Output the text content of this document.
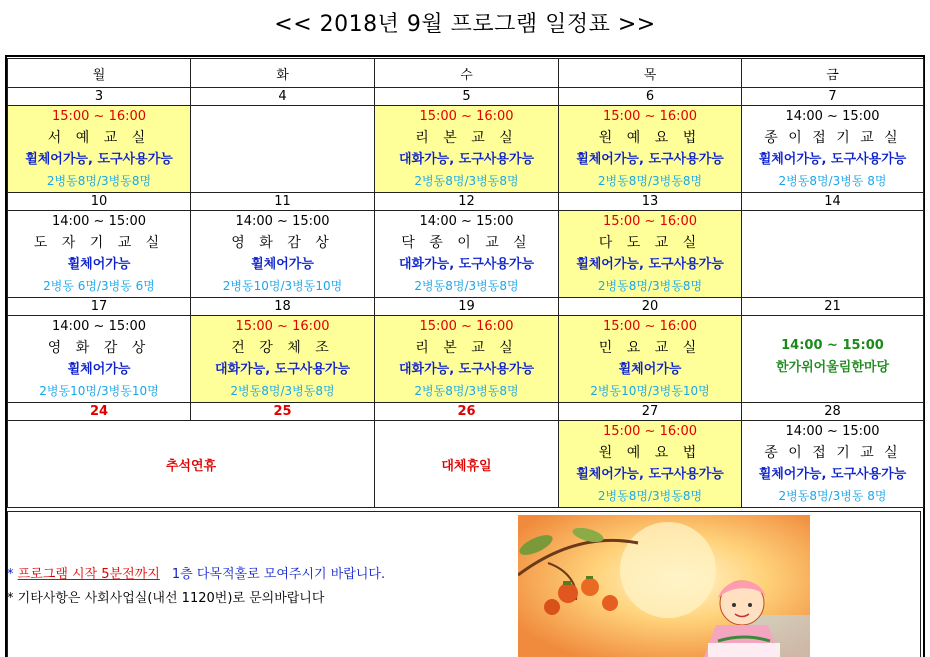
<< 2018년 9월 프로그램 일정표 >>
월	화	수	목	금
3	4	5	6	7

15:00 ~ 16:00
서 예 교 실
휠체어가능, 도구사용가능
2병동8명/3병동8명		15:00 ~ 16:00
리 본 교 실
대화가능, 도구사용가능
2병동8명/3병동8명	15:00 ~ 16:00
원 예 요 법
휠체어가능, 도구사용가능
2병동8명/3병동8명	14:00 ~ 15:00
종 이 접 기 교 실
휠체어가능, 도구사용가능
2병동8명/3병동 8명

10	11	12	13	14

14:00 ~ 15:00
도 자 기 교 실
휠체어가능
2병동 6명/3병동 6명	14:00 ~ 15:00
영 화 감 상
휠체어가능
2병동10명/3병동10명	14:00 ~ 15:00
닥 종 이 교 실
대화가능, 도구사용가능
2병동8명/3병동8명	15:00 ~ 16:00
다 도 교 실
휠체어가능, 도구사용가능
2병동8명/3병동8명	

17	18	19	20	21

14:00 ~ 15:00
영 화 감 상
휠체어가능
2병동10명/3병동10명	15:00 ~ 16:00
건 강 체 조
대화가능, 도구사용가능
2병동8명/3병동8명	15:00 ~ 16:00
리 본 교 실
대화가능, 도구사용가능
2병동8명/3병동8명	15:00 ~ 16:00
민 요 교 실
휠체어가능
2병동10명/3병동10명	14:00 ~ 15:00
한가위어울림한마당

24	25	26	27	28
추석연휴		대체휴일	15:00 ~ 16:00
원 예 요 법
휠체어가능, 도구사용가능
2병동8명/3병동8명	14:00 ~ 15:00
종 이 접 기 교 실
휠체어가능, 도구사용가능
2병동8명/3병동 8명
* 프로그램 시작 5분전까지 1층 다목적홀로 모여주시기 바랍니다.
* 기타사항은 사회사업실(내선 1120번)로 문의바랍니다
